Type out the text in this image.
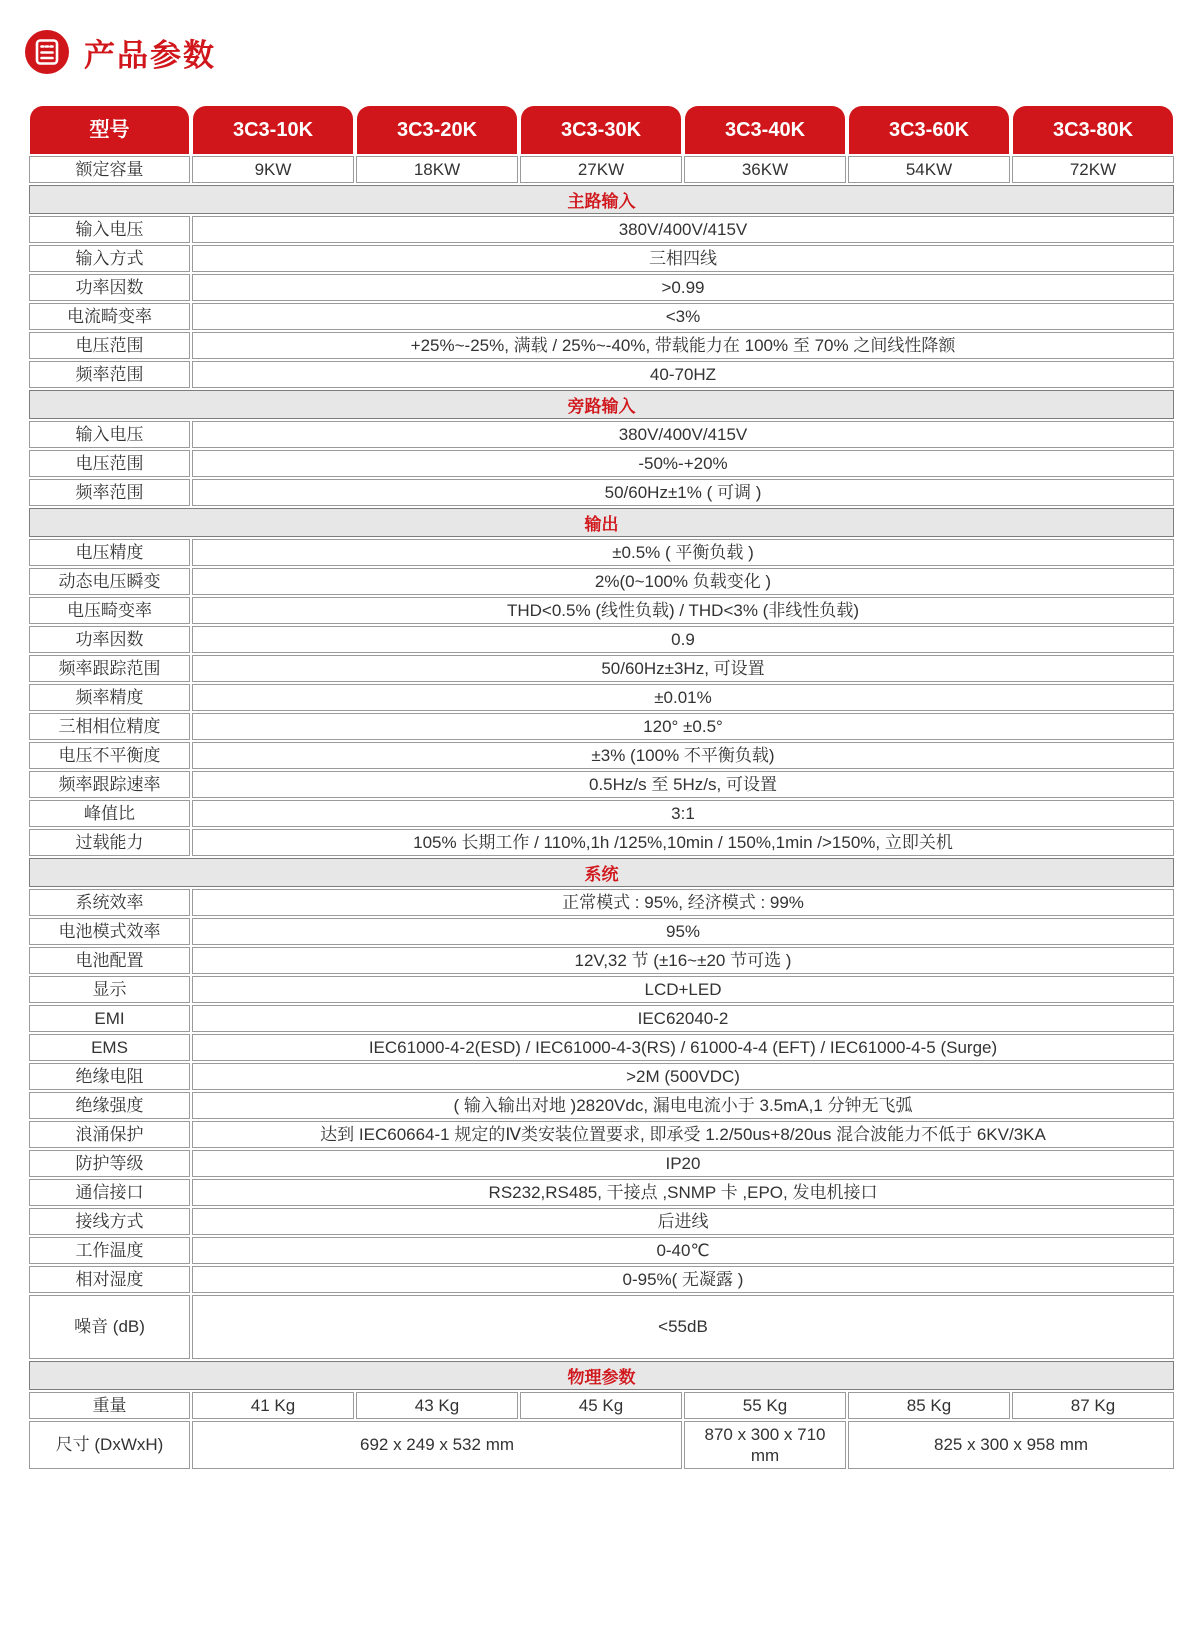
产品参数
型号	3C3-10K	3C3-20K	3C3-30K	3C3-40K	3C3-60K	3C3-80K

额定容量	9KW	18KW	27KW	36KW	54KW	72KW
主路输入						
输入电压	380V/400V/415V					
输入方式	三相四线					
功率因数	>0.99					
电流畸变率	<3%					
电压范围	+25%~-25%, 满载 / 25%~-40%, 带载能力在 100% 至 70% 之间线性降额					
频率范围	40-70HZ					
旁路输入						
输入电压	380V/400V/415V					
电压范围	-50%-+20%					
频率范围	50/60Hz±1% ( 可调 )					
输出						
电压精度	±0.5% ( 平衡负载 )					
动态电压瞬变	2%(0~100% 负载变化 )					
电压畸变率	THD<0.5% (线性负载) / THD<3% (非线性负载)					
功率因数	0.9					
频率跟踪范围	50/60Hz±3Hz, 可设置					
频率精度	±0.01%					
三相相位精度	120° ±0.5°					
电压不平衡度	±3% (100% 不平衡负载)					
频率跟踪速率	0.5Hz/s 至 5Hz/s, 可设置					
峰值比	3:1					
过载能力	105% 长期工作 / 110%,1h /125%,10min / 150%,1min />150%, 立即关机					
系统						
系统效率	正常模式 : 95%, 经济模式 : 99%					
电池模式效率	95%					
电池配置	12V,32 节 (±16~±20 节可选 )					
显示	LCD+LED					
EMI	IEC62040-2					
EMS	IEC61000-4-2(ESD) / IEC61000-4-3(RS) / 61000-4-4 (EFT) / IEC61000-4-5 (Surge)					
绝缘电阻	>2M (500VDC)					
绝缘强度	( 输入输出对地 )2820Vdc, 漏电电流小于 3.5mA,1 分钟无飞弧					
浪涌保护	达到 IEC60664-1 规定的Ⅳ类安装位置要求, 即承受 1.2/50us+8/20us 混合波能力不低于 6KV/3KA					
防护等级	IP20					
通信接口	RS232,RS485, 干接点 ,SNMP 卡 ,EPO, 发电机接口					
接线方式	后进线					
工作温度	0-40℃					
相对湿度	0-95%( 无凝露 )					
噪音 (dB)	<55dB					
物理参数						
重量	41 Kg	43 Kg	45 Kg	55 Kg	85 Kg	87 Kg
尺寸 (DxWxH)	692 x 249 x 532 mm			870 x 300 x 710 mm	825 x 300 x 958 mm	
